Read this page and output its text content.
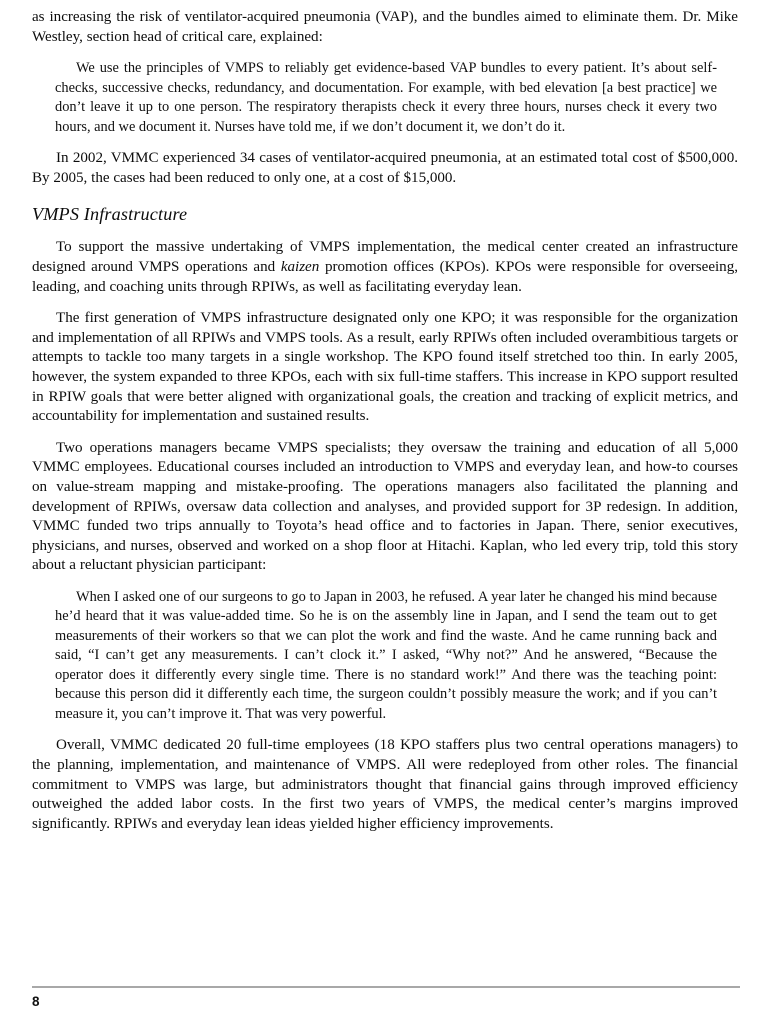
as increasing the risk of ventilator-acquired pneumonia (VAP), and the bundles aimed to eliminate them. Dr. Mike Westley, section head of critical care, explained:

We use the principles of VMPS to reliably get evidence-based VAP bundles to every patient. It’s about self-checks, successive checks, redundancy, and documentation. For example, with bed elevation [a best practice] we don’t leave it up to one person. The respiratory therapists check it every three hours, nurses check it every two hours, and we document it. Nurses have told me, if we don’t document it, we don’t do it.

In 2002, VMMC experienced 34 cases of ventilator-acquired pneumonia, at an estimated total cost of $500,000. By 2005, the cases had been reduced to only one, at a cost of $15,000.

VMPS Infrastructure

To support the massive undertaking of VMPS implementation, the medical center created an infrastructure designed around VMPS operations and kaizen promotion offices (KPOs). KPOs were responsible for overseeing, leading, and coaching units through RPIWs, as well as facilitating everyday lean.

The first generation of VMPS infrastructure designated only one KPO; it was responsible for the organization and implementation of all RPIWs and VMPS tools. As a result, early RPIWs often included overambitious targets or attempts to tackle too many targets in a single workshop. The KPO found itself stretched too thin. In early 2005, however, the system expanded to three KPOs, each with six full-time staffers. This increase in KPO support resulted in RPIW goals that were better aligned with organizational goals, the creation and tracking of explicit metrics, and accountability for implementation and sustained results.

Two operations managers became VMPS specialists; they oversaw the training and education of all 5,000 VMMC employees. Educational courses included an introduction to VMPS and everyday lean, and how-to courses on value-stream mapping and mistake-proofing. The operations managers also facilitated the planning and development of RPIWs, oversaw data collection and analyses, and provided support for 3P redesign. In addition, VMMC funded two trips annually to Toyota’s head office and to factories in Japan. There, senior executives, physicians, and nurses, observed and worked on a shop floor at Hitachi. Kaplan, who led every trip, told this story about a reluctant physician participant:

When I asked one of our surgeons to go to Japan in 2003, he refused. A year later he changed his mind because he’d heard that it was value-added time. So he is on the assembly line in Japan, and I send the team out to get measurements of their workers so that we can plot the work and find the waste. And he came running back and said, “I can’t get any measurements. I can’t clock it.” I asked, “Why not?” And he answered, “Because the operator does it differently every single time. There is no standard work!” And there was the teaching point: because this person did it differently each time, the surgeon couldn’t possibly measure the work; and if you can’t measure it, you can’t improve it. That was very powerful.

Overall, VMMC dedicated 20 full-time employees (18 KPO staffers plus two central operations managers) to the planning, implementation, and maintenance of VMPS. All were redeployed from other roles. The financial commitment to VMPS was large, but administrators thought that financial gains through improved efficiency outweighed the added labor costs. In the first two years of VMPS, the medical center’s margins improved significantly. RPIWs and everyday lean ideas yielded higher efficiency improvements.

8
